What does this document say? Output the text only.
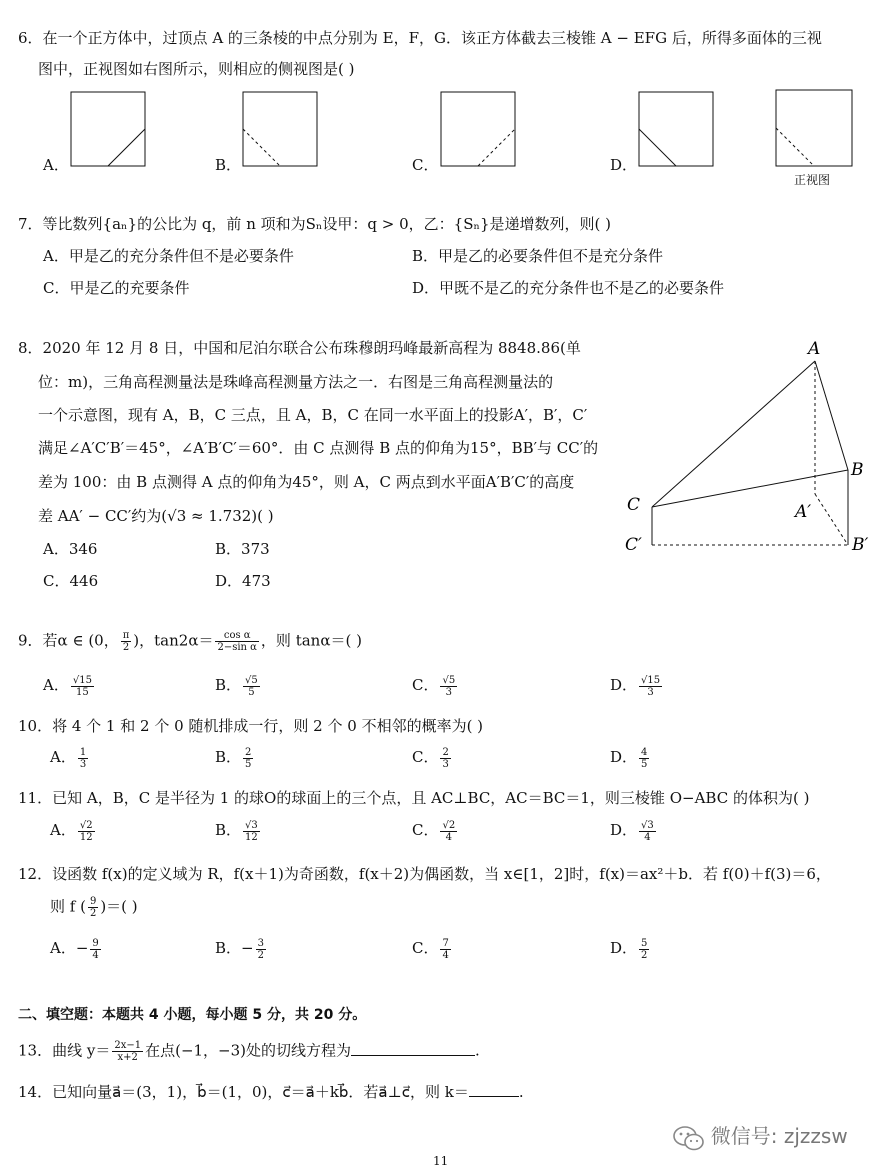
6．在一个正方体中，过顶点 A 的三条棱的中点分别为 E，F，G．该正方体截去三棱锥 A − EFG 后，所得多面体的三视
图中，正视图如右图所示，则相应的侧视图是( )
A．	B．	C．	D．
正视图
7．等比数列{aₙ}的公比为 q，前 n 项和为Sₙ设甲：q > 0，乙：{Sₙ}是递增数列，则( )
A．甲是乙的充分条件但不是必要条件	B．甲是乙的必要条件但不是充分条件
C．甲是乙的充要条件	D．甲既不是乙的充分条件也不是乙的必要条件
8．2020 年 12 月 8 日，中国和尼泊尔联合公布珠穆朗玛峰最新高程为 8848.86(单
位：m)，三角高程测量法是珠峰高程测量方法之一．右图是三角高程测量法的
一个示意图，现有 A，B，C 三点，且 A，B，C 在同一水平面上的投影A′，B′，C′
满足∠A′C′B′＝45°，∠A′B′C′＝60°．由 C 点测得 B 点的仰角为15°，BB′与 CC′的
差为 100：由 B 点测得 A 点的仰角为45°，则 A，C 两点到水平面A′B′C′的高度
差 AA′ − CC′约为(√3 ≈ 1.732)( )
A．346	B．373
C．446	D．473
A
B
C	A′
B′
C′
9．若α ∈ (0， $\frac{\pi}{2}$ )，$\tan 2\alpha= \frac{\text{cos α}}{\text{2−sin α}}$ ，则 tanα＝( )
A． $\frac{√15}{15}$	B． $\frac{√5}{5}$	C． $\frac{√5}{3}$	D． $\frac{√15}{3}$
10．将 4 个 1 和 2 个 0 随机排成一行，则 2 个 0 不相邻的概率为( )
A． $\frac{1}{3}$	B． $\frac{2}{5}$	C． $\frac{2}{3}$	D． $\frac{4}{5}$
11．已知 A，B，C 是半径为 1 的球O的球面上的三个点，且 AC⊥BC，AC＝BC＝1，则三棱锥 O−ABC 的体积为( )
A． $\frac{√2}{12}$	B． $\frac{√3}{12}$	C． $\frac{√2}{4}$	D． $\frac{√3}{4}$
12．设函数 f(x)的定义域为 R，f(x＋1)为奇函数，f(x＋2)为偶函数，当 x∈[1，2]时，f(x)＝ax²＋b．若 f(0)＋f(3)＝6，
则 f ( $\frac{9}{2}$ )＝( )
A．− $\frac{9}{4}$	B．− $\frac{3}{2}$	C． $\frac{7}{4}$	D． $\frac{5}{2}$
二、填空题：本题共 4 小题，每小题 5 分，共 20 分。
13．曲线 $y= \frac{2x-1}{x+2}$ 在点(−1，−3)处的切线方程为	.
14．已知向量a⃗＝(3，1)，b⃗＝(1，0)，c⃗＝a⃗＋kb⃗．若a⃗⊥c⃗，则 k＝	.
微信号: zjzzsw
11
